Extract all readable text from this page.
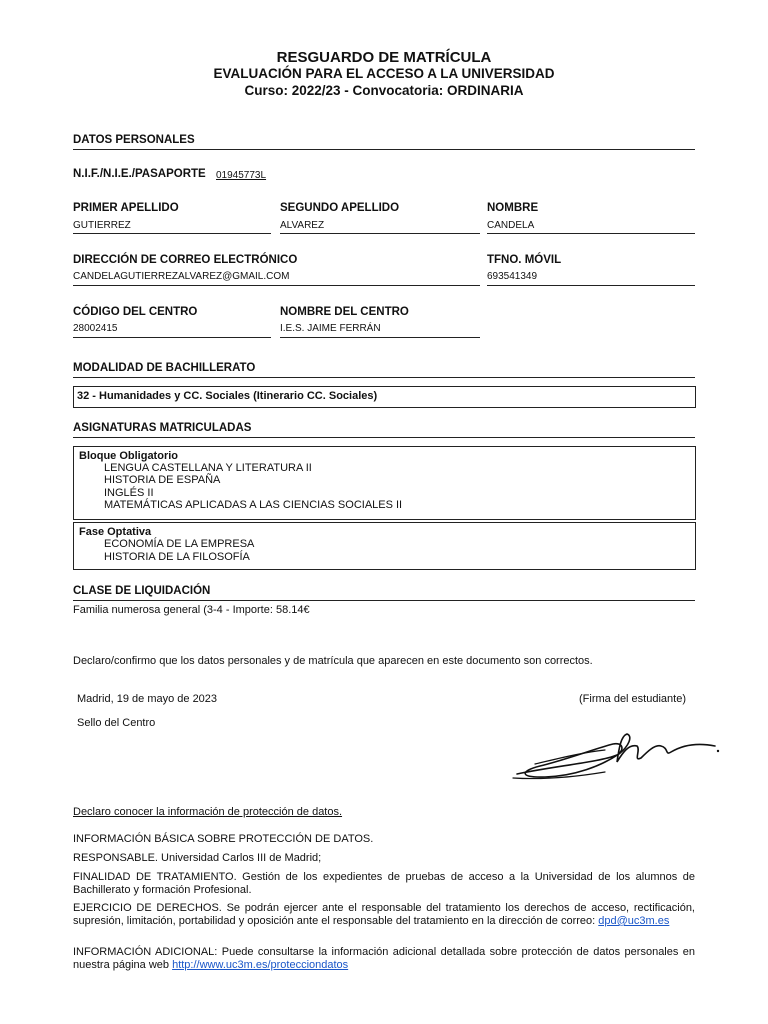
RESGUARDO DE MATRÍCULA
EVALUACIÓN PARA EL ACCESO A LA UNIVERSIDAD
Curso: 2022/23 - Convocatoria: ORDINARIA
DATOS PERSONALES
N.I.F./N.I.E./PASAPORTE 01945773L
PRIMER APELLIDO
GUTIERREZ
SEGUNDO APELLIDO
ALVAREZ
NOMBRE
CANDELA
DIRECCIÓN DE CORREO ELECTRÓNICO
CANDELAGUTIERREZALVAREZ@GMAIL.COM
TFNO. MÓVIL
693541349
CÓDIGO DEL CENTRO
28002415
NOMBRE DEL CENTRO
I.E.S. JAIME FERRÁN
MODALIDAD DE BACHILLERATO
32 - Humanidades y CC. Sociales (Itinerario CC. Sociales)
ASIGNATURAS MATRICULADAS
Bloque Obligatorio
LENGUA CASTELLANA Y LITERATURA II
HISTORIA DE ESPAÑA
INGLÉS II
MATEMÁTICAS APLICADAS A LAS CIENCIAS SOCIALES II
Fase Optativa
ECONOMÍA DE LA EMPRESA
HISTORIA DE LA FILOSOFÍA
CLASE DE LIQUIDACIÓN
Familia numerosa general (3-4 - Importe: 58.14€
Declaro/confirmo que los datos personales y de matrícula que aparecen en este documento son correctos.
Madrid, 19 de mayo de 2023	(Firma del estudiante)
Sello del Centro
Declaro conocer la información de protección de datos.
INFORMACIÓN BÁSICA SOBRE PROTECCIÓN DE DATOS.
RESPONSABLE. Universidad Carlos III de Madrid;
FINALIDAD DE TRATAMIENTO. Gestión de los expedientes de pruebas de acceso a la Universidad de los alumnos de Bachillerato y formación Profesional.
EJERCICIO DE DERECHOS. Se podrán ejercer ante el responsable del tratamiento los derechos de acceso, rectificación, supresión, limitación, portabilidad y oposición ante el responsable del tratamiento en la dirección de correo: dpd@uc3m.es
INFORMACIÓN ADICIONAL: Puede consultarse la información adicional detallada sobre protección de datos personales en nuestra página web http://www.uc3m.es/protecciondatos
